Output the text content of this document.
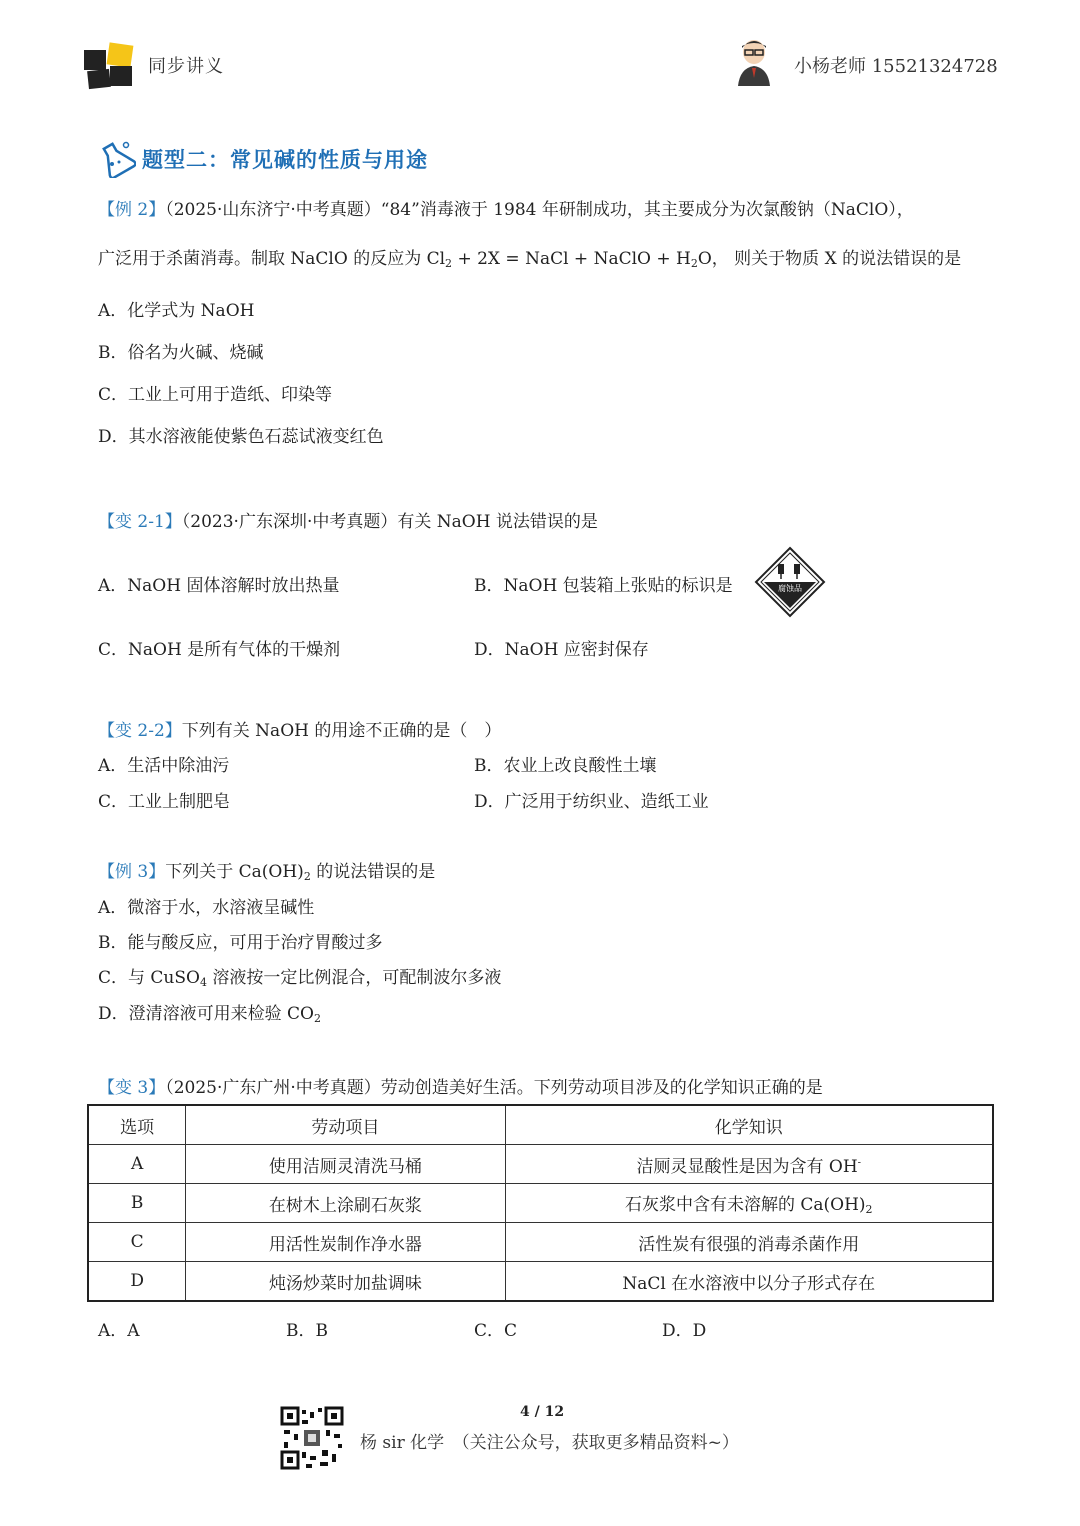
同步讲义	小杨老师 15521324728
题型二：常见碱的性质与用途
【例 2】（2025·山东济宁·中考真题）“84”消毒液于 1984 年研制成功，其主要成分为次氯酸钠（NaClO），
广泛用于杀菌消毒。制取 NaClO 的反应为 $Cl_2 + 2X$ = NaCl + NaClO + $H_2O$， 则关于物质 X 的说法错误的是
A．化学式为 NaOH
B．俗名为火碱、烧碱
C．工业上可用于造纸、印染等
D．其水溶液能使紫色石蕊试液变红色
【变 2-1】（2023·广东深圳·中考真题）有关 NaOH 说法错误的是
A．NaOH 固体溶解时放出热量	B．NaOH 包装箱上张贴的标识是	腐蚀品
C．NaOH 是所有气体的干燥剂	D．NaOH 应密封保存
【变 2-2】下列有关 NaOH 的用途不正确的是（　）
A．生活中除油污	B．农业上改良酸性土壤
C．工业上制肥皂	D．广泛用于纺织业、造纸工业
【例 3】下列关于 $Ca(OH)_2$ 的说法错误的是
A．微溶于水，水溶液呈碱性
B．能与酸反应，可用于治疗胃酸过多
C．与 CuSO$_4$ 溶液按一定比例混合，可配制波尔多液
D．澄清溶液可用来检验 $CO_2$
【变 3】（2025·广东广州·中考真题）劳动创造美好生活。下列劳动项目涉及的化学知识正确的是
选项	劳动项目	化学知识
A	使用洁厕灵清洗马桶	洁厕灵显酸性是因为含有 OH-
B	在树木上涂刷石灰浆	石灰浆中含有未溶解的 $Ca(OH)_2$
C	用活性炭制作净水器	活性炭有很强的消毒杀菌作用
D	炖汤炒菜时加盐调味	NaCl 在水溶液中以分子形式存在
A．A	B．B	C．C	D．D
4 / 12
杨 sir 化学　（关注公众号，获取更多精品资料~）
